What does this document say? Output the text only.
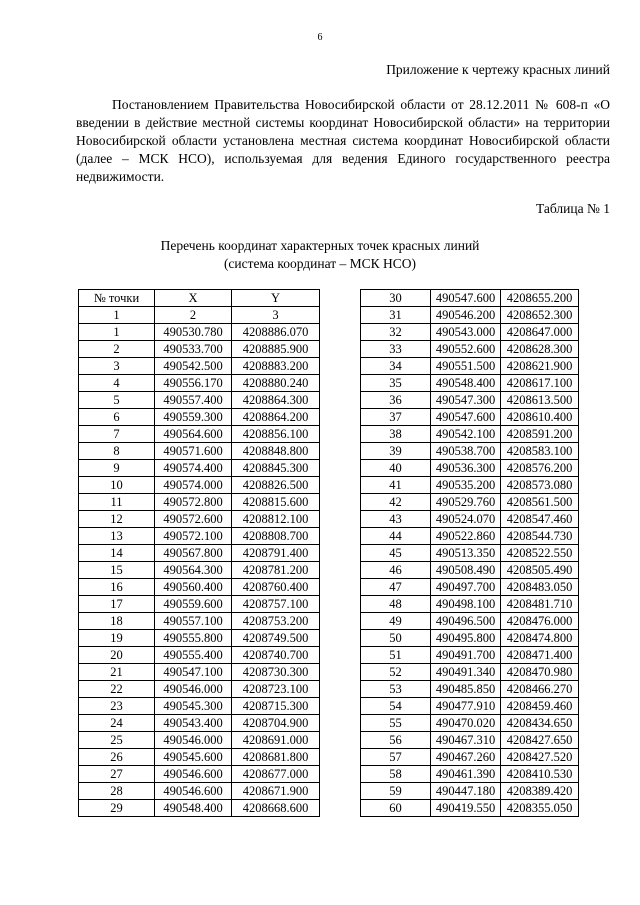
6
Приложение к чертежу красных линий

Постановлением Правительства Новосибирской области от 28.12.2011 № 608-п «О введении в действие местной системы координат Новосибирской области» на территории Новосибирской области установлена местная система координат Новосибирской области (далее – МСК НСО), используемая для ведения Единого государственного реестра недвижимости.

Таблица № 1
Перечень координат характерных точек красных линий
(система координат – МСК НСО)
№ точки	X	Y
1	2	3
1	490530.780	4208886.070
2	490533.700	4208885.900
3	490542.500	4208883.200
4	490556.170	4208880.240
5	490557.400	4208864.300
6	490559.300	4208864.200
7	490564.600	4208856.100
8	490571.600	4208848.800
9	490574.400	4208845.300
10	490574.000	4208826.500
11	490572.800	4208815.600
12	490572.600	4208812.100
13	490572.100	4208808.700
14	490567.800	4208791.400
15	490564.300	4208781.200
16	490560.400	4208760.400
17	490559.600	4208757.100
18	490557.100	4208753.200
19	490555.800	4208749.500
20	490555.400	4208740.700
21	490547.100	4208730.300
22	490546.000	4208723.100
23	490545.300	4208715.300
24	490543.400	4208704.900
25	490546.000	4208691.000
26	490545.600	4208681.800
27	490546.600	4208677.000
28	490546.600	4208671.900
29	490548.400	4208668.600
30	490547.600	4208655.200
31	490546.200	4208652.300
32	490543.000	4208647.000
33	490552.600	4208628.300
34	490551.500	4208621.900
35	490548.400	4208617.100
36	490547.300	4208613.500
37	490547.600	4208610.400
38	490542.100	4208591.200
39	490538.700	4208583.100
40	490536.300	4208576.200
41	490535.200	4208573.080
42	490529.760	4208561.500
43	490524.070	4208547.460
44	490522.860	4208544.730
45	490513.350	4208522.550
46	490508.490	4208505.490
47	490497.700	4208483.050
48	490498.100	4208481.710
49	490496.500	4208476.000
50	490495.800	4208474.800
51	490491.700	4208471.400
52	490491.340	4208470.980
53	490485.850	4208466.270
54	490477.910	4208459.460
55	490470.020	4208434.650
56	490467.310	4208427.650
57	490467.260	4208427.520
58	490461.390	4208410.530
59	490447.180	4208389.420
60	490419.550	4208355.050
